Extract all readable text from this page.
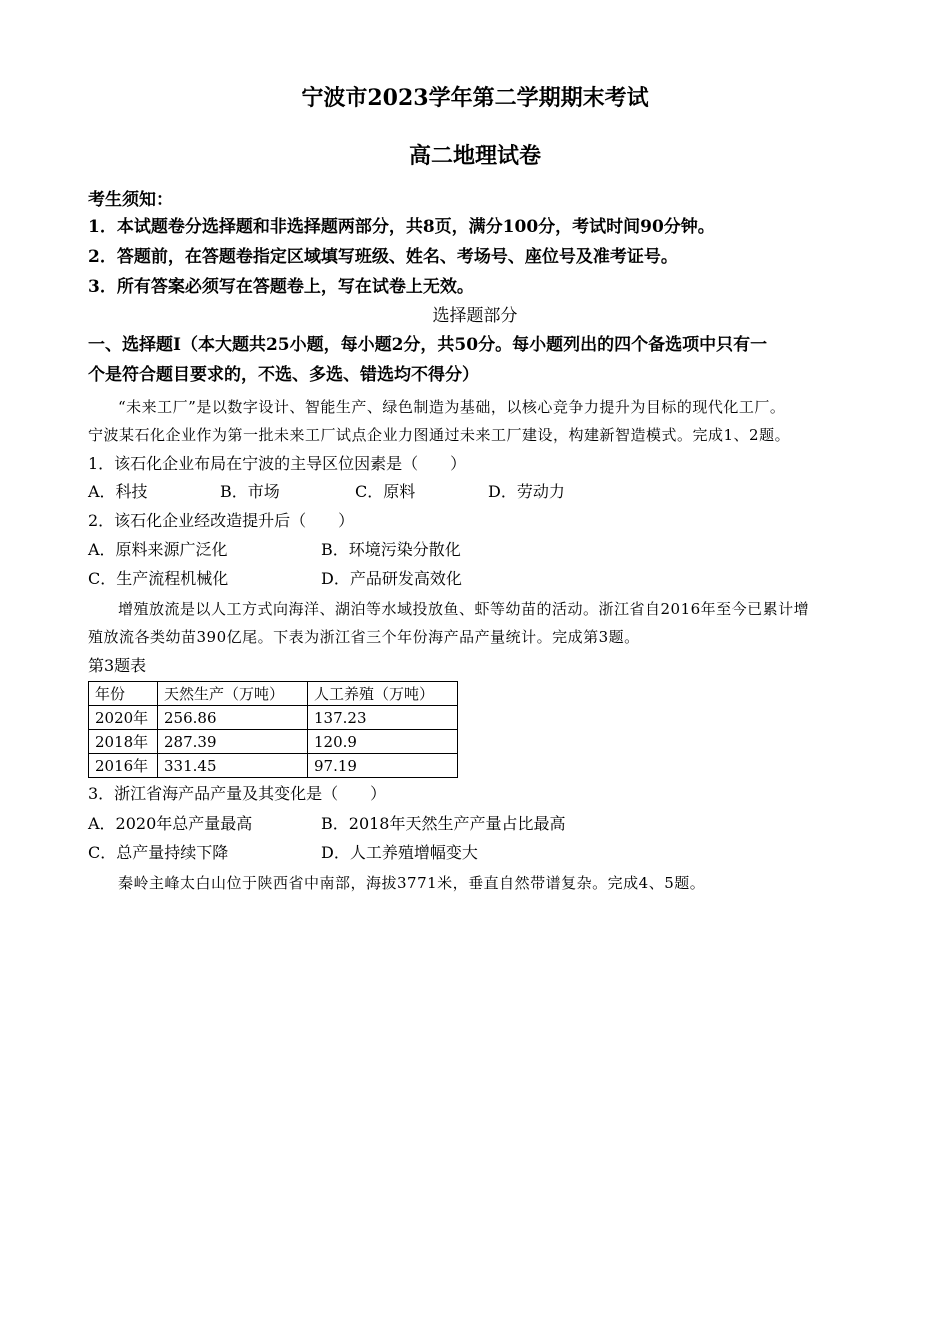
宁波市2023学年第二学期期末考试
高二地理试卷
考生须知：
1．本试题卷分选择题和非选择题两部分，共8页，满分100分，考试时间90分钟。
2．答题前，在答题卷指定区域填写班级、姓名、考场号、座位号及准考证号。
3．所有答案必须写在答题卷上，写在试卷上无效。
选择题部分
一、选择题Ⅰ（本大题共25小题，每小题2分，共50分。每小题列出的四个备选项中只有一
个是符合题目要求的，不选、多选、错选均不得分）
“未来工厂”是以数字设计、智能生产、绿色制造为基础，以核心竞争力提升为目标的现代化工厂。
宁波某石化企业作为第一批未来工厂试点企业力图通过未来工厂建设，构建新智造模式。完成1、2题。
1．该石化企业布局在宁波的主导区位因素是（　　）
A．科技	B．市场	C．原料	D．劳动力
2．该石化企业经改造提升后（　　）
A．原料来源广泛化	B．环境污染分散化
C．生产流程机械化	D．产品研发高效化
增殖放流是以人工方式向海洋、湖泊等水域投放鱼、虾等幼苗的活动。浙江省自2016年至今已累计增
殖放流各类幼苗390亿尾。下表为浙江省三个年份海产品产量统计。完成第3题。
第3题表
年份	天然生产（万吨）	人工养殖（万吨）
2020年	256.86	137.23
2018年	287.39	120.9
2016年	331.45	97.19
3．浙江省海产品产量及其变化是（　　）
A．2020年总产量最高	B．2018年天然生产产量占比最高
C．总产量持续下降	D．人工养殖增幅变大
秦岭主峰太白山位于陕西省中南部，海拔3771米，垂直自然带谱复杂。完成4、5题。
